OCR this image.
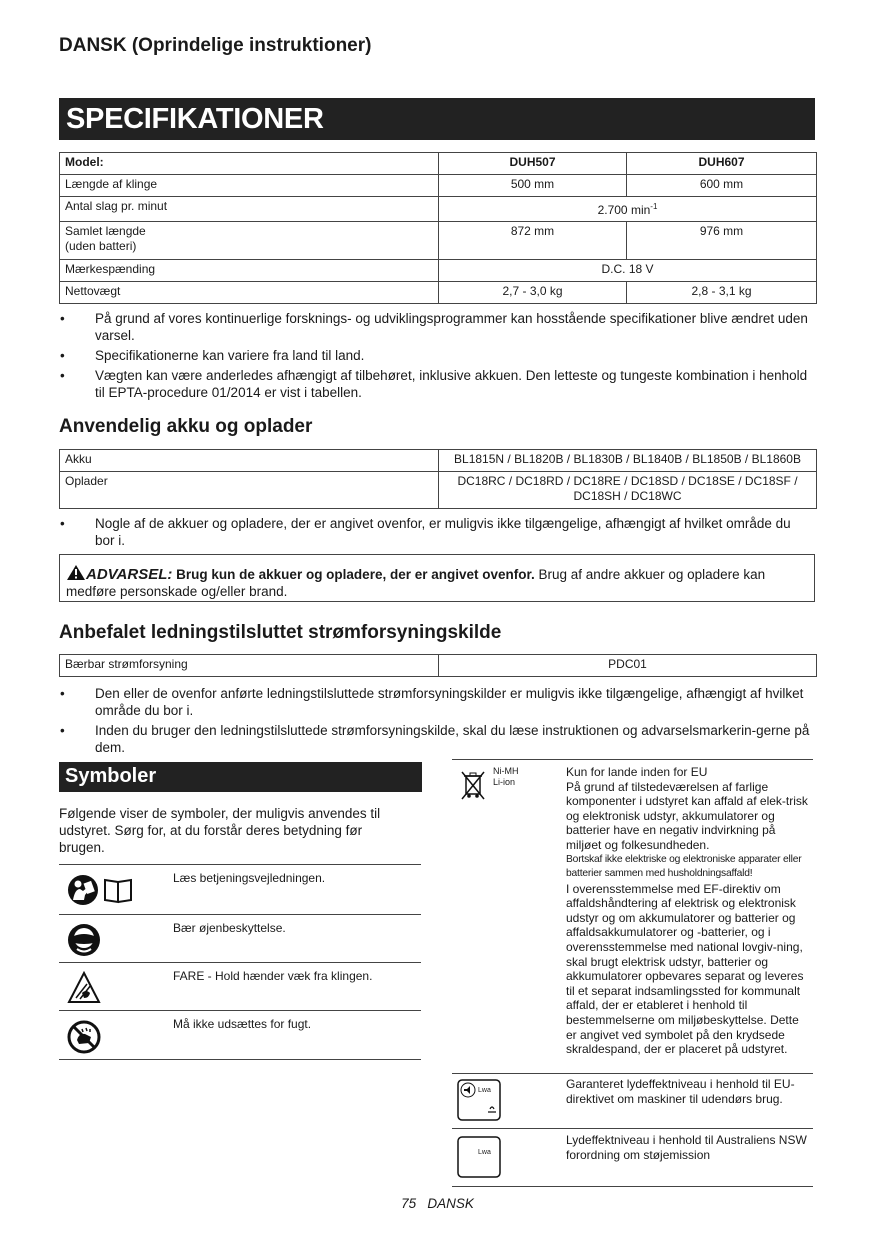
DANSK (Oprindelige instruktioner)
SPECIFIKATIONER
Model:	DUH507	DUH607
Længde af klinge	500 mm	600 mm
Antal slag pr. minut	2.700 $\min^{-1}$

Samlet længde
(uden batteri)	872 mm	976 mm
Mærkespænding	D.C. 18 V	
Nettovægt	2,7 - 3,0 kg	2,8 - 3,1 kg
• På grund af vores kontinuerlige forsknings- og udviklingsprogrammer kan hosstående specifikationer blive ændret uden varsel.
• Specifikationerne kan variere fra land til land.
• Vægten kan være anderledes afhængigt af tilbehøret, inklusive akkuen. Den letteste og tungeste kombination i henhold til EPTA-procedure 01/2014 er vist i tabellen.
Anvendelig akku og oplader
Akku	BL1815N / BL1820B / BL1830B / BL1840B / BL1850B / BL1860B
Oplader	DC18RC / DC18RD / DC18RE / DC18SD / DC18SE / DC18SF /
DC18SH / DC18WC
• Nogle af de akkuer og opladere, der er angivet ovenfor, er muligvis ikke tilgængelige, afhængigt af hvilket område du bor i.
ADVARSEL: Brug kun de akkuer og opladere, der er angivet ovenfor. Brug af andre akkuer og opladere kan medføre personskade og/eller brand.
Anbefalet ledningstilsluttet strømforsyningskilde
Bærbar strømforsyning	PDC01
• Den eller de ovenfor anførte ledningstilsluttede strømforsyningskilder er muligvis ikke tilgængelige, afhængigt af hvilket område du bor i.
• Inden du bruger den ledningstilsluttede strømforsyningskilde, skal du læse instruktionen og advarselsmarkerin-gerne på dem.
Symboler

Følgende viser de symboler, der muligvis anvendes til udstyret. Sørg for, at du forstår deres betydning før brugen.

Læs betjeningsvejledningen.
Bær øjenbeskyttelse.
FARE - Hold hænder væk fra klingen.
Må ikke udsættes for fugt.
Ni-MH
Li-ion
Kun for lande inden for EU
På grund af tilstedeværelsen af farlige komponenter i udstyret kan affald af elek-trisk og elektronisk udstyr, akkumulatorer og batterier have en negativ indvirkning på miljøet og folkesundheden.
Bortskaf ikke elektriske og elektroniske apparater eller batterier sammen med husholdningsaffald!
I overensstemmelse med EF-direktiv om affaldshåndtering af elektrisk og elektronisk udstyr og om akkumulatorer og batterier og affaldsakkumulatorer og -batterier, og i overensstemmelse med national lovgiv-ning, skal brugt elektrisk udstyr, batterier og akkumulatorer opbevares separat og leveres til et separat indsamlingssted for kommunalt affald, der er etableret i henhold til bestemmelserne om miljøbeskyttelse. Dette er angivet ved symbolet på den krydsede skraldespand, der er placeret på udstyret.
Lwa	Garanteret lydeffektniveau i henhold til EU-direktivet om maskiner til udendørs brug.
Lwa
Lydeffektniveau i henhold til Australiens NSW forordning om støjemission
75 DANSK
